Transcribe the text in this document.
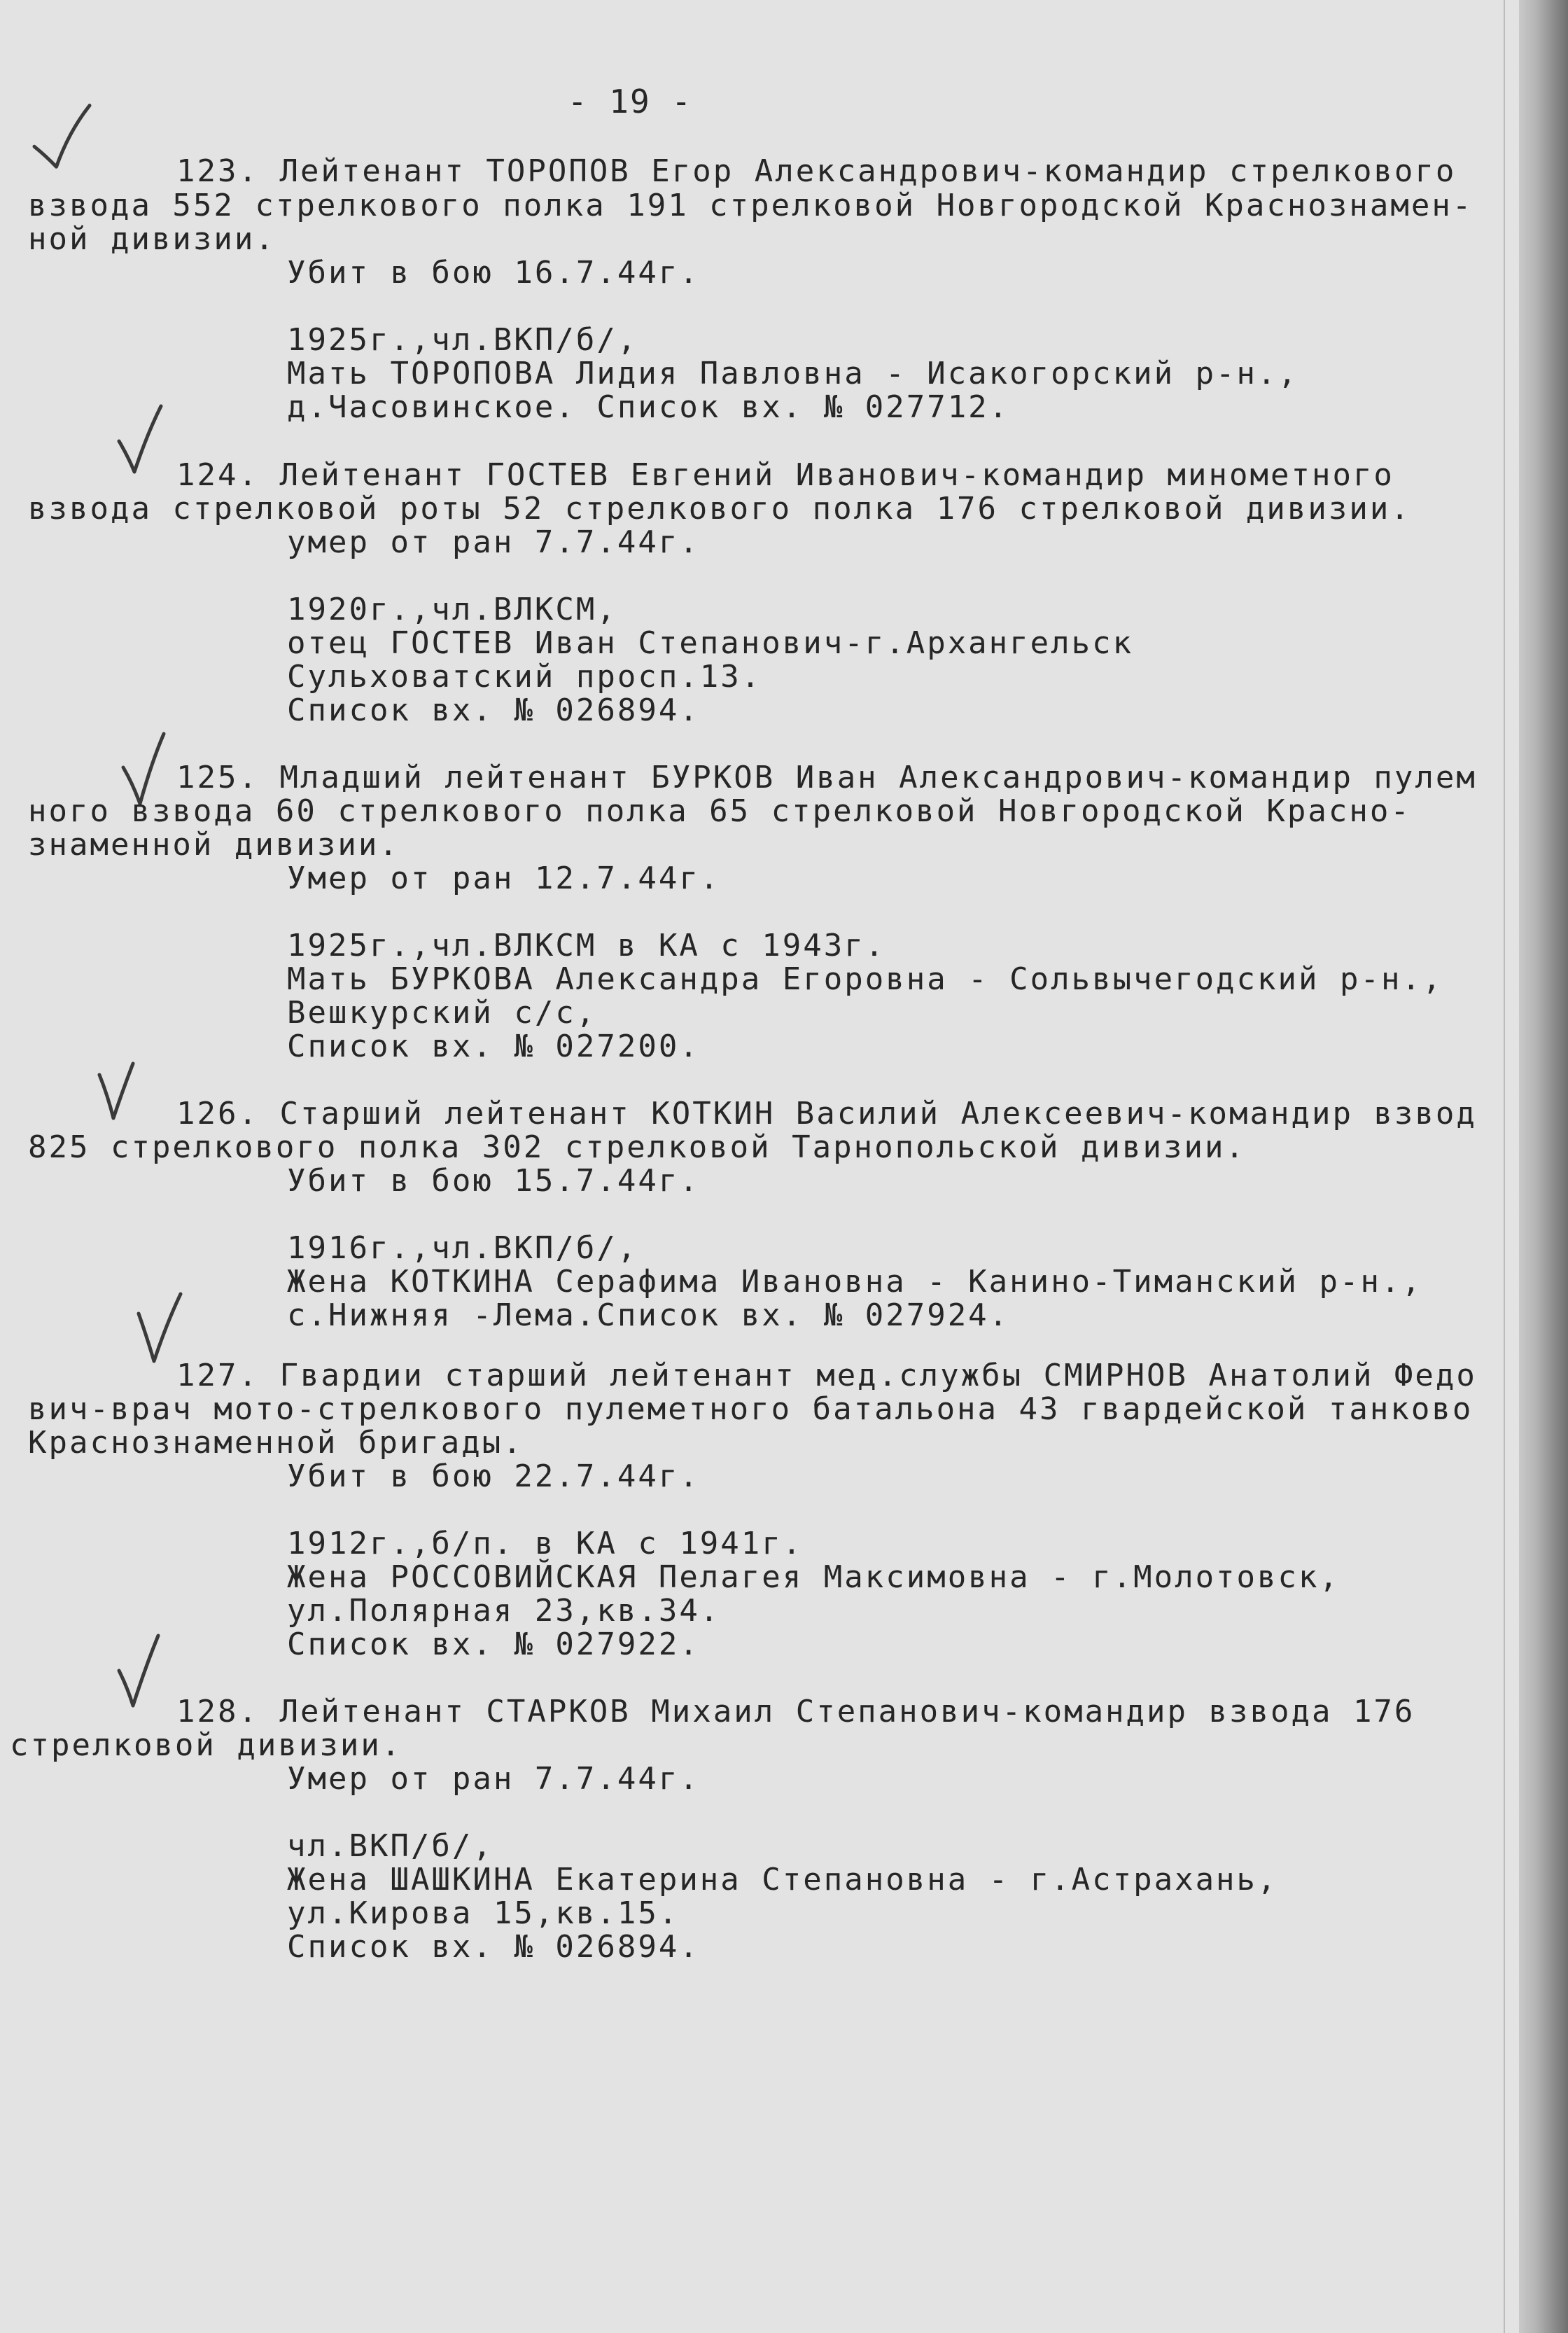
- 19 -
123. Лейтенант ТОРОПОВ Егор Александрович-командир стрелкового
взвода 552 стрелкового полка 191 стрелковой Новгородской Краснознамен-
ной дивизии.
Убит в бою 16.7.44г.
1925г.,чл.ВКП/б/,
Мать ТОРОПОВА Лидия Павловна - Исакогорский р-н.,
д.Часовинское. Список вх. № 027712.
124. Лейтенант ГОСТЕВ Евгений Иванович-командир минометного
взвода стрелковой роты 52 стрелкового полка 176 стрелковой дивизии.
умер от ран 7.7.44г.
1920г.,чл.ВЛКСМ,
отец ГОСТЕВ Иван Степанович-г.Архангельск
Сульховатский просп.13.
Список вх. № 026894.
125. Младший лейтенант БУРКОВ Иван Александрович-командир пулем
ного взвода 60 стрелкового полка 65 стрелковой Новгородской Красно-
знаменной дивизии.
Умер от ран 12.7.44г.
1925г.,чл.ВЛКСМ в КА с 1943г.
Мать БУРКОВА Александра Егоровна - Сольвычегодский р-н.,
Вешкурский с/с,
Список вх. № 027200.
126. Старший лейтенант КОТКИН Василий Алексеевич-командир взвод
825 стрелкового полка 302 стрелковой Тарнопольской дивизии.
Убит в бою 15.7.44г.
1916г.,чл.ВКП/б/,
Жена КОТКИНА Серафима Ивановна - Канино-Тиманский р-н.,
с.Нижняя -Лема.Список вх. № 027924.
127. Гвардии старший лейтенант мед.службы СМИРНОВ Анатолий Федо
вич-врач мото-стрелкового пулеметного батальона 43 гвардейской танково
Краснознаменной бригады.
Убит в бою 22.7.44г.
1912г.,б/п. в КА с 1941г.
Жена РОССОВИЙСКАЯ Пелагея Максимовна - г.Молотовск,
ул.Полярная 23,кв.34.
Список вх. № 027922.
128. Лейтенант СТАРКОВ Михаил Степанович-командир взвода 176
стрелковой дивизии.
Умер от ран 7.7.44г.
чл.ВКП/б/,
Жена ШАШКИНА Екатерина Степановна - г.Астрахань,
ул.Кирова 15,кв.15.
Список вх. № 026894.
